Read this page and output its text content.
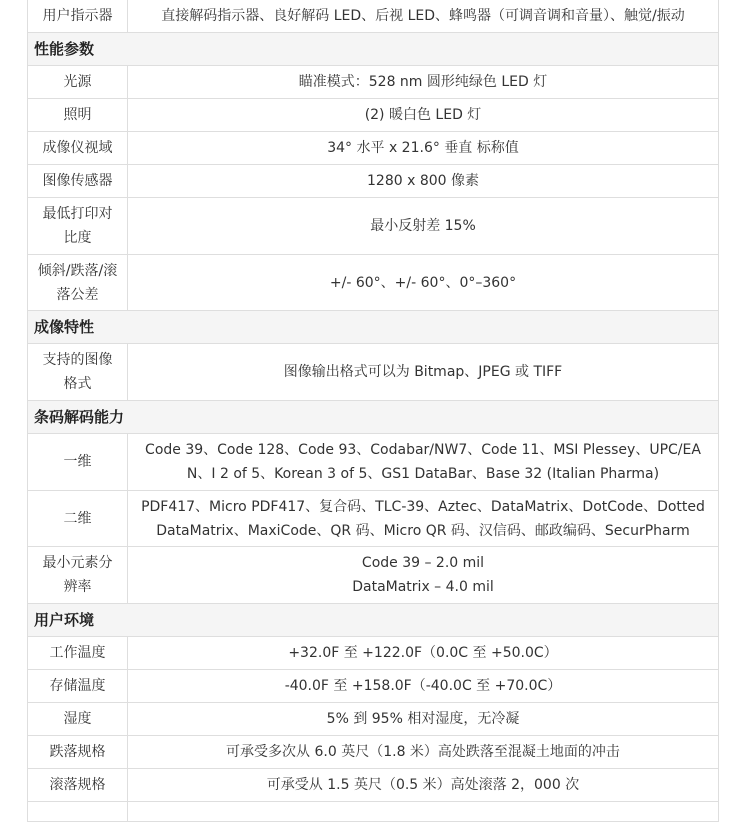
用户指示器	直接解码指示器、良好解码 LED、后视 LED、蜂鸣器（可调音调和音量）、触觉/振动
性能参数	
光源	瞄准模式：528 nm 圆形纯绿色 LED 灯
照明	(2) 暖白色 LED 灯
成像仪视域	34° 水平 x 21.6° 垂直 标称值
图像传感器	1280 x 800 像素
最低打印对比度	最小反射差 15%
倾斜/跌落/滚落公差	+/- 60°、+/- 60°、0°–360°
成像特性	
支持的图像格式	图像输出格式可以为 Bitmap、JPEG 或 TIFF
条码解码能力	
一维	Code 39、Code 128、Code 93、Codabar/NW7、Code 11、MSI Plessey、UPC/EAN、I 2 of 5、Korean 3 of 5、GS1 DataBar、Base 32 (Italian Pharma)
二维	PDF417、Micro PDF417、复合码、TLC-39、Aztec、DataMatrix、DotCode、Dotted DataMatrix、MaxiCode、QR 码、Micro QR 码、汉信码、邮政编码、SecurPharm
最小元素分辨率	Code 39 – 2.0 mil
DataMatrix – 4.0 mil

用户环境	
工作温度	+32.0F 至 +122.0F（0.0C 至 +50.0C）
存储温度	-40.0F 至 +158.0F（-40.0C 至 +70.0C）
湿度	5% 到 95% 相对湿度，无冷凝
跌落规格	可承受多次从 6.0 英尺（1.8 米）高处跌落至混凝土地面的冲击
滚落规格	可承受从 1.5 英尺（0.5 米）高处滚落 2，000 次
